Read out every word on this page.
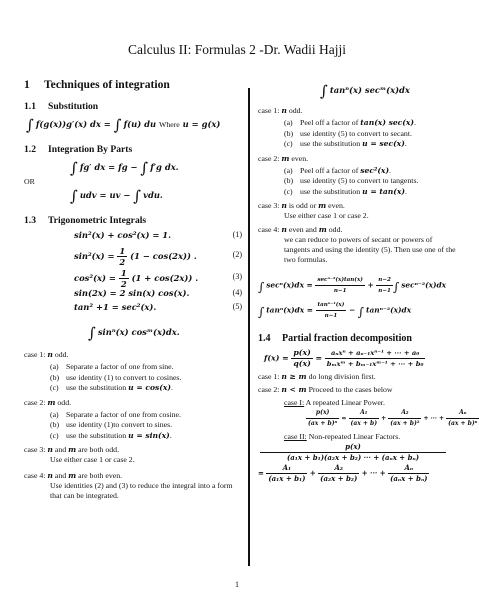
Calculus II: Formulas 2 -Dr. Wadii Hajji
1 Techniques of integration
1.1 Substitution
∫ f(g(x))g′(x) dx = ∫ f(u) du Where u = g(x)
1.2 Integration By Parts
∫ fg′ dx = fg − ∫ f′g dx.
OR
∫ udv = uv − ∫ vdu.
1.3 Trigonometric Integrals
sin²(x) + cos²(x) = 1.	(1)
$\sin^2(x) = \frac{1}{2} (1 - \cos(2x))$ .	(2)
$\cos^2(x) = \frac{1}{2} (1 + \cos(2x))$ .	(3)
sin(2x) = 2 sin(x) cos(x).	(4)
tan² +1 = sec²(x).	(5)
∫ sinⁿ(x) cosᵐ(x)dx.
case 1: n odd.
(a) Separate a factor of one from sine.
(b) use identity (1) to convert to cosines.
(c) use the substitution u = cos(x).
case 2: m odd.
(a) Separate a factor of one from cosine.
(b) use identity (1)to convert to sines.
(c) use the substitution u = sin(x).
case 3: n and m are both odd.
Use either case 1 or case 2.
case 4: n and m are both even.
Use identities (2) and (3) to reduce the integral into a form that can be integrated.
∫ tanⁿ(x) secᵐ(x)dx
case 1: n odd.
(a) Peel off a factor of tan(x) sec(x).
(b) use identity (5) to convert to secant.
(c) use the substitution u = sec(x).
case 2: m even.
(a) Peel off a factor of sec²(x).
(b) use identity (5) to convert to tangents.
(c) use the substitution u = tan(x).
case 3: n is odd or m even.
Use either case 1 or case 2.
case 4: n even and m odd.
we can reduce to powers of secant or powers of tangents and using the identity (5). Then use one of the two formulas.
∫ $\sec^n(x)dx = \frac{\text{secⁿ⁻²(x)tan(x)}}{n-1} + \frac{n-2}{n-1}$ ∫ secⁿ⁻²(x)dx
∫ $\tan^n(x)dx = \frac{\text{tanⁿ⁻¹(x)}}{n-1}$ − ∫ tanⁿ⁻²(x)dx
1.4 Partial fraction decomposition
$f(x) = \frac{p(x)}{q(x)} = \frac{\text{aₙxⁿ + aₙ₋₁xⁿ⁻¹ + ··· + a₀}}{\text{bₘxᵐ + bₘ₋₁xᵐ⁻¹ + ··· + b₀}}$
case 1: n ≥ m do long division first.
case 2: n < m Proceed to the cases below
case I: A repeated Linear Power.
$\frac{p(x)}{\text{(ax + b)ⁿ}} = \frac{\text{A₁}}{(ax + b)} + \frac{\text{A₂}}{\text{(ax + b)²}}$ + ··· + $\frac{\text{Aₙ}}{\text{(ax + b)ⁿ}}$
case II: Non-repeated Linear Factors.
$\frac{p(x)}{\text{(a₁x + b₁)(a₂x + b₂) ··· + (aₙx + bₙ)}}$
= $\frac{\text{A₁}}{\text{(a₁x + b₁)}} + \frac{\text{A₂}}{\text{(a₂x + b₂)}}$ + ··· + $\frac{\text{Aₙ}}{\text{(aₙx + bₙ)}}$
1
